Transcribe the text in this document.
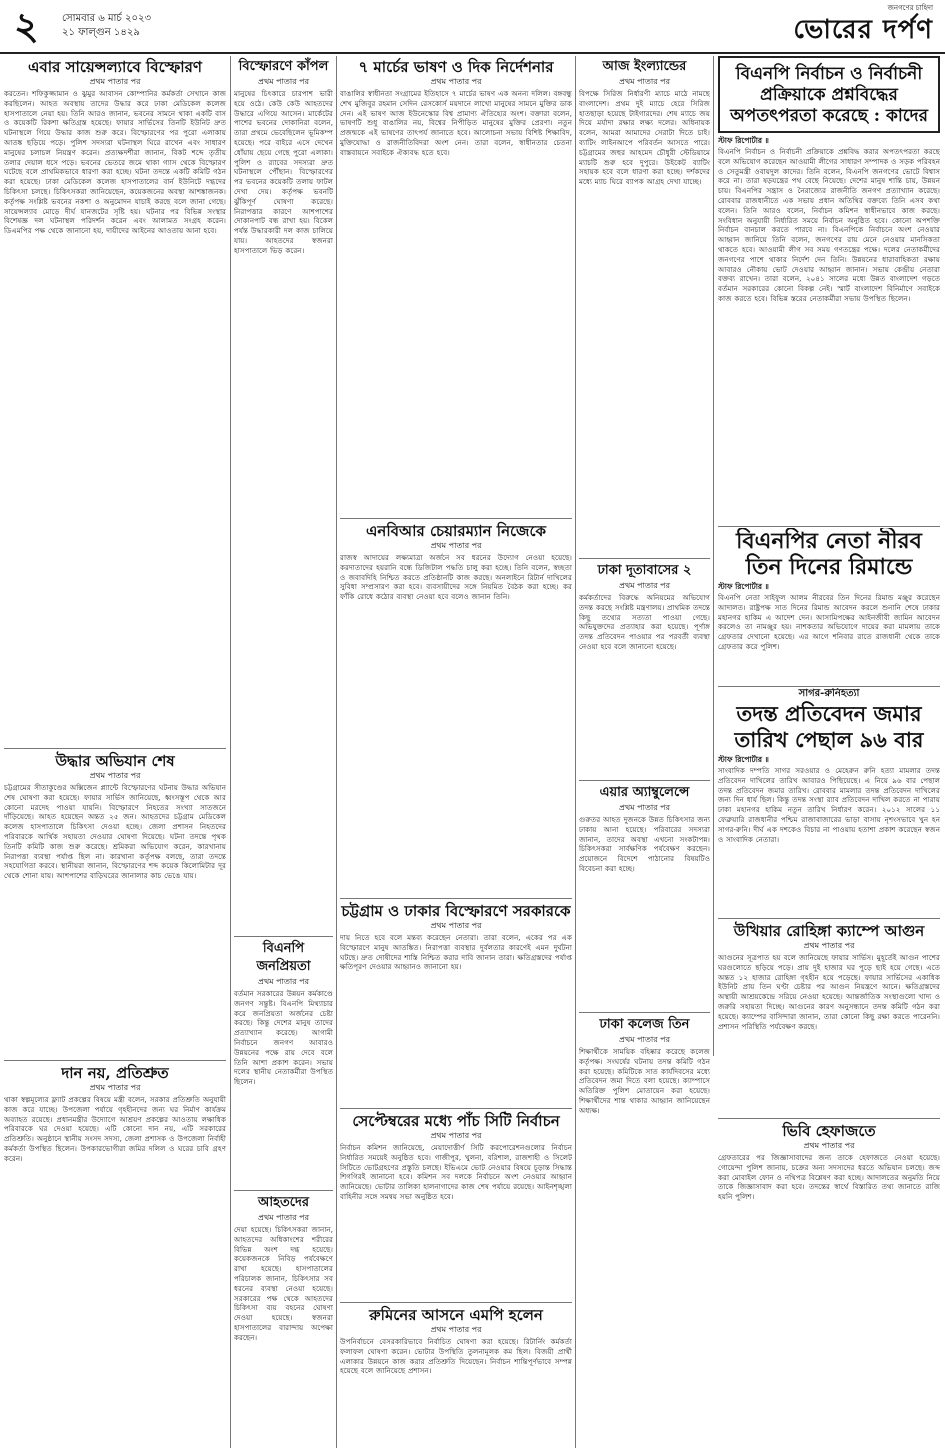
২ সোমবার ৬ মার্চ ২০২৩
২১ ফাল্গুন ১৪২৯
জনগণের চাহিদা
ভোরের দর্পণ
এবার সায়েন্সল্যাবে বিস্ফোরণ
প্রথম পাতার পর

করতেন। শফিকুজ্জামান ও ঝুমুর আবাসন কোম্পানির কর্মকর্তা সেখানে কাজ করছিলেন। আহত অবস্থায় তাদের উদ্ধার করে ঢাকা মেডিকেল কলেজ হাসপাতালে নেয়া হয়। তিনি আরও জানান, ভবনের সামনে থাকা একটি বাস ও কয়েকটি রিকশা ক্ষতিগ্রস্ত হয়েছে। ফায়ার সার্ভিসের তিনটি ইউনিট দ্রুত ঘটনাস্থলে গিয়ে উদ্ধার কাজ শুরু করে। বিস্ফোরণের পর পুরো এলাকায় আতঙ্ক ছড়িয়ে পড়ে। পুলিশ সদস্যরা ঘটনাস্থল ঘিরে রাখেন এবং সাধারণ মানুষের চলাচল নিয়ন্ত্রণ করেন। প্রত্যক্ষদর্শীরা জানান, বিকট শব্দে তৃতীয় তলার দেয়াল ধসে পড়ে। ভবনের ভেতরে জমে থাকা গ্যাস থেকে বিস্ফোরণ ঘটেছে বলে প্রাথমিকভাবে ধারণা করা হচ্ছে। ঘটনা তদন্তে একটি কমিটি গঠন করা হয়েছে। ঢাকা মেডিকেল কলেজ হাসপাতালের বার্ন ইউনিটে দগ্ধদের চিকিৎসা চলছে। চিকিৎসকরা জানিয়েছেন, কয়েকজনের অবস্থা আশঙ্কাজনক। কর্তৃপক্ষ সংশ্লিষ্ট ভবনের নকশা ও অনুমোদন যাচাই করছে বলে জানা গেছে। সায়েন্সল্যাব মোড়ে দীর্ঘ যানজটের সৃষ্টি হয়। ঘটনার পর বিভিন্ন সংস্থার বিশেষজ্ঞ দল ঘটনাস্থল পরিদর্শন করেন এবং আলামত সংগ্রহ করেন। ডিএমপির পক্ষ থেকে জানানো হয়, দায়ীদের আইনের আওতায় আনা হবে।

উদ্ধার অভিযান শেষ
প্রথম পাতার পর

চট্টগ্রামের সীতাকুণ্ডের অক্সিজেন প্ল্যান্টে বিস্ফোরণের ঘটনায় উদ্ধার অভিযান শেষ ঘোষণা করা হয়েছে। ফায়ার সার্ভিস জানিয়েছে, ধ্বংসস্তূপ থেকে আর কোনো মরদেহ পাওয়া যায়নি। বিস্ফোরণে নিহতের সংখ্যা সাতজনে দাঁড়িয়েছে। আহত হয়েছেন অন্তত ২৫ জন। আহতদের চট্টগ্রাম মেডিকেল কলেজ হাসপাতালে চিকিৎসা দেওয়া হচ্ছে। জেলা প্রশাসন নিহতদের পরিবারকে আর্থিক সহায়তা দেওয়ার ঘোষণা দিয়েছে। ঘটনা তদন্তে পৃথক তিনটি কমিটি কাজ শুরু করেছে। শ্রমিকরা অভিযোগ করেন, কারখানায় নিরাপত্তা ব্যবস্থা পর্যাপ্ত ছিল না। কারখানা কর্তৃপক্ষ বলছে, তারা তদন্তে সহযোগিতা করবে। স্থানীয়রা জানান, বিস্ফোরণের শব্দ কয়েক কিলোমিটার দূর থেকে শোনা যায়। আশপাশের বাড়িঘরের জানালার কাচ ভেঙে যায়।

দান নয়, প্রতিশ্রুত
প্রথম পাতার পর

থাকা স্বল্পমূল্যের ফ্ল্যাট প্রকল্পের বিষয়ে মন্ত্রী বলেন, সরকার প্রতিশ্রুতি অনুযায়ী কাজ করে যাচ্ছে। উপজেলা পর্যায়ে গৃহহীনদের জন্য ঘর নির্মাণ কার্যক্রম অব্যাহত রয়েছে। প্রধানমন্ত্রীর উদ্যোগে আশ্রয়ণ প্রকল্পের আওতায় লক্ষাধিক পরিবারকে ঘর দেওয়া হয়েছে। এটি কোনো দান নয়, এটি সরকারের প্রতিশ্রুতি। অনুষ্ঠানে স্থানীয় সংসদ সদস্য, জেলা প্রশাসক ও উপজেলা নির্বাহী কর্মকর্তা উপস্থিত ছিলেন। উপকারভোগীরা জমির দলিল ও ঘরের চাবি গ্রহণ করেন।

বিস্ফোরণে কাঁপল
প্রথম পাতার পর

মানুষের চিৎকারে চারপাশ ভারী হয়ে ওঠে। কেউ কেউ আহতদের উদ্ধারে এগিয়ে আসেন। মার্কেটের পাশের ভবনের দোকানিরা বলেন, তারা প্রথমে ভেবেছিলেন ভূমিকম্প হয়েছে। পরে বাইরে এসে দেখেন ধোঁয়ায় ছেয়ে গেছে পুরো এলাকা। পুলিশ ও র‍্যাবের সদস্যরা দ্রুত ঘটনাস্থলে পৌঁছান। বিস্ফোরণের পর ভবনের কয়েকটি তলায় ফাটল দেখা দেয়। কর্তৃপক্ষ ভবনটি ঝুঁকিপূর্ণ ঘোষণা করেছে। নিরাপত্তার কারণে আশপাশের দোকানপাট বন্ধ রাখা হয়। বিকেল পর্যন্ত উদ্ধারকারী দল কাজ চালিয়ে যায়। আহতদের স্বজনরা হাসপাতালে ভিড় করেন।

বিএনপি জনপ্রিয়তা
প্রথম পাতার পর

বর্তমান সরকারের উন্নয়ন কর্মকাণ্ডে জনগণ সন্তুষ্ট। বিএনপি মিথ্যাচার করে জনপ্রিয়তা অর্জনের চেষ্টা করছে। কিন্তু দেশের মানুষ তাদের প্রত্যাখ্যান করেছে। আগামী নির্বাচনে জনগণ আবারও উন্নয়নের পক্ষে রায় দেবে বলে তিনি আশা প্রকাশ করেন। সভায় দলের স্থানীয় নেতাকর্মীরা উপস্থিত ছিলেন।

আহতদের
প্রথম পাতার পর

দেয়া হয়েছে। চিকিৎসকরা জানান, আহতদের অধিকাংশের শরীরের বিভিন্ন অংশ দগ্ধ হয়েছে। কয়েকজনকে নিবিড় পর্যবেক্ষণে রাখা হয়েছে। হাসপাতালের পরিচালক জানান, চিকিৎসার সব ধরনের ব্যবস্থা নেওয়া হয়েছে। সরকারের পক্ষ থেকে আহতদের চিকিৎসা ব্যয় বহনের ঘোষণা দেওয়া হয়েছে। স্বজনরা হাসপাতালের বারান্দায় অপেক্ষা করছেন।

৭ মার্চের ভাষণ ও দিক নির্দেশনার
প্রথম পাতার পর

বাঙালির স্বাধীনতা সংগ্রামের ইতিহাসে ৭ মার্চের ভাষণ এক অনন্য দলিল। বঙ্গবন্ধু শেখ মুজিবুর রহমান সেদিন রেসকোর্স ময়দানে লাখো মানুষের সামনে মুক্তির ডাক দেন। এই ভাষণ আজ ইউনেস্কোর বিশ্ব প্রামাণ্য ঐতিহ্যের অংশ। বক্তারা বলেন, ভাষণটি শুধু বাঙালির নয়, বিশ্বের নিপীড়িত মানুষের মুক্তির প্রেরণা। নতুন প্রজন্মকে এই ভাষণের তাৎপর্য জানাতে হবে। আলোচনা সভায় বিশিষ্ট শিক্ষাবিদ, মুক্তিযোদ্ধা ও রাজনীতিবিদরা অংশ নেন। তারা বলেন, স্বাধীনতার চেতনা বাস্তবায়নে সবাইকে ঐক্যবদ্ধ হতে হবে।

এনবিআর চেয়ারম্যান নিজেকে
প্রথম পাতার পর

রাজস্ব আদায়ের লক্ষ্যমাত্রা অর্জনে সব ধরনের উদ্যোগ নেওয়া হয়েছে। করদাতাদের হয়রানি বন্ধে ডিজিটাল পদ্ধতি চালু করা হচ্ছে। তিনি বলেন, স্বচ্ছতা ও জবাবদিহি নিশ্চিত করতে প্রতিষ্ঠানটি কাজ করছে। অনলাইনে রিটার্ন দাখিলের সুবিধা সম্প্রসারণ করা হবে। ব্যবসায়ীদের সঙ্গে নিয়মিত বৈঠক করা হচ্ছে। কর ফাঁকি রোধে কঠোর ব্যবস্থা নেওয়া হবে বলেও জানান তিনি।

চট্টগ্রাম ও ঢাকার বিস্ফোরণে সরকারকে
প্রথম পাতার পর

দায় নিতে হবে বলে মন্তব্য করেছেন নেতারা। তারা বলেন, একের পর এক বিস্ফোরণে মানুষ আতঙ্কিত। নিরাপত্তা ব্যবস্থার দুর্বলতার কারণেই এমন দুর্ঘটনা ঘটছে। দ্রুত দোষীদের শাস্তি নিশ্চিত করার দাবি জানান তারা। ক্ষতিগ্রস্তদের পর্যাপ্ত ক্ষতিপূরণ দেওয়ার আহ্বানও জানানো হয়।

সেপ্টেম্বরের মধ্যে পাঁচ সিটি নির্বাচন
প্রথম পাতার পর

নির্বাচন কমিশন জানিয়েছে, মেয়াদোত্তীর্ণ সিটি করপোরেশনগুলোর নির্বাচন নির্ধারিত সময়েই অনুষ্ঠিত হবে। গাজীপুর, খুলনা, বরিশাল, রাজশাহী ও সিলেট সিটিতে ভোটগ্রহণের প্রস্তুতি চলছে। ইভিএমে ভোট নেওয়ার বিষয়ে চূড়ান্ত সিদ্ধান্ত শিগগিরই জানানো হবে। কমিশন সব দলকে নির্বাচনে অংশ নেওয়ার আহ্বান জানিয়েছে। ভোটার তালিকা হালনাগাদের কাজ শেষ পর্যায়ে রয়েছে। আইনশৃঙ্খলা বাহিনীর সঙ্গে সমন্বয় সভা অনুষ্ঠিত হবে।

রুমিনের আসনে এমপি হলেন
প্রথম পাতার পর

উপনির্বাচনে বেসরকারিভাবে নির্বাচিত ঘোষণা করা হয়েছে। রিটার্নিং কর্মকর্তা ফলাফল ঘোষণা করেন। ভোটার উপস্থিতি তুলনামূলক কম ছিল। বিজয়ী প্রার্থী এলাকার উন্নয়নে কাজ করার প্রতিশ্রুতি দিয়েছেন। নির্বাচন শান্তিপূর্ণভাবে সম্পন্ন হয়েছে বলে জানিয়েছে প্রশাসন।

আজ ইংল্যান্ডের
প্রথম পাতার পর

বিপক্ষে সিরিজ নির্ধারণী ম্যাচে মাঠে নামছে বাংলাদেশ। প্রথম দুই ম্যাচে হেরে সিরিজ হাতছাড়া হয়েছে টাইগারদের। শেষ ম্যাচে জয় দিয়ে মর্যাদা রক্ষার লক্ষ্য দলের। অধিনায়ক বলেন, আমরা আমাদের সেরাটা দিতে চাই। ব্যাটিং লাইনআপে পরিবর্তন আসতে পারে। চট্টগ্রামের জহুর আহমেদ চৌধুরী স্টেডিয়ামে ম্যাচটি শুরু হবে দুপুরে। উইকেট ব্যাটিং সহায়ক হবে বলে ধারণা করা হচ্ছে। দর্শকদের মধ্যে ম্যাচ ঘিরে ব্যাপক আগ্রহ দেখা যাচ্ছে।

ঢাকা দূতাবাসের ২
প্রথম পাতার পর

কর্মকর্তাদের বিরুদ্ধে অনিয়মের অভিযোগ তদন্ত করছে সংশ্লিষ্ট মন্ত্রণালয়। প্রাথমিক তদন্তে কিছু তথ্যের সত্যতা পাওয়া গেছে। অভিযুক্তদের প্রত্যাহার করা হয়েছে। পূর্ণাঙ্গ তদন্ত প্রতিবেদন পাওয়ার পর পরবর্তী ব্যবস্থা নেওয়া হবে বলে জানানো হয়েছে।

এয়ার অ্যাম্বুলেন্সে
প্রথম পাতার পর

গুরুতর আহত দুজনকে উন্নত চিকিৎসার জন্য ঢাকায় আনা হয়েছে। পরিবারের সদস্যরা জানান, তাদের অবস্থা এখনো সংকটাপন্ন। চিকিৎসকরা সার্বক্ষণিক পর্যবেক্ষণ করছেন। প্রয়োজনে বিদেশে পাঠানোর বিষয়টিও বিবেচনা করা হচ্ছে।

ঢাকা কলেজ তিন
প্রথম পাতার পর

শিক্ষার্থীকে সাময়িক বহিষ্কার করেছে কলেজ কর্তৃপক্ষ। সংঘর্ষের ঘটনায় তদন্ত কমিটি গঠন করা হয়েছে। কমিটিকে সাত কার্যদিবসের মধ্যে প্রতিবেদন জমা দিতে বলা হয়েছে। ক্যাম্পাসে অতিরিক্ত পুলিশ মোতায়েন করা হয়েছে। শিক্ষার্থীদের শান্ত থাকার আহ্বান জানিয়েছেন অধ্যক্ষ।

বিএনপি নির্বাচন ও নির্বাচনী প্রক্রিয়াকে প্রশ্নবিদ্ধের অপতৎপরতা করেছে : কাদের
স্টাফ রিপোর্টার ॥

বিএনপি নির্বাচন ও নির্বাচনী প্রক্রিয়াকে প্রশ্নবিদ্ধ করার অপতৎপরতা করছে বলে অভিযোগ করেছেন আওয়ামী লীগের সাধারণ সম্পাদক ও সড়ক পরিবহন ও সেতুমন্ত্রী ওবায়দুল কাদের। তিনি বলেন, বিএনপি জনগণের ভোটে বিশ্বাস করে না। তারা ষড়যন্ত্রের পথ বেছে নিয়েছে। দেশের মানুষ শান্তি চায়, উন্নয়ন চায়। বিএনপির সন্ত্রাস ও নৈরাজ্যের রাজনীতি জনগণ প্রত্যাখ্যান করেছে। রোববার রাজধানীতে এক সভায় প্রধান অতিথির বক্তব্যে তিনি এসব কথা বলেন। তিনি আরও বলেন, নির্বাচন কমিশন স্বাধীনভাবে কাজ করছে। সংবিধান অনুযায়ী নির্ধারিত সময়ে নির্বাচন অনুষ্ঠিত হবে। কোনো অপশক্তি নির্বাচন বানচাল করতে পারবে না। বিএনপিকে নির্বাচনে অংশ নেওয়ার আহ্বান জানিয়ে তিনি বলেন, জনগণের রায় মেনে নেওয়ার মানসিকতা থাকতে হবে। আওয়ামী লীগ সব সময় গণতন্ত্রের পক্ষে। দলের নেতাকর্মীদের জনগণের পাশে থাকার নির্দেশ দেন তিনি। উন্নয়নের ধারাবাহিকতা রক্ষায় আবারও নৌকায় ভোট দেওয়ার আহ্বান জানান। সভায় কেন্দ্রীয় নেতারা বক্তব্য রাখেন। তারা বলেন, ২০৪১ সালের মধ্যে উন্নত বাংলাদেশ গড়তে বর্তমান সরকারের কোনো বিকল্প নেই। স্মার্ট বাংলাদেশ বিনির্মাণে সবাইকে কাজ করতে হবে। বিভিন্ন স্তরের নেতাকর্মীরা সভায় উপস্থিত ছিলেন।

বিএনপির নেতা নীরব তিন দিনের রিমান্ডে
স্টাফ রিপোর্টার ॥

বিএনপি নেতা সাইফুল আলম নীরবের তিন দিনের রিমান্ড মঞ্জুর করেছেন আদালত। রাষ্ট্রপক্ষ সাত দিনের রিমান্ড আবেদন করলে শুনানি শেষে ঢাকার মহানগর হাকিম এ আদেশ দেন। আসামিপক্ষের আইনজীবী জামিন আবেদন করলেও তা নামঞ্জুর হয়। নাশকতার অভিযোগে দায়ের করা মামলায় তাকে গ্রেফতার দেখানো হয়েছে। এর আগে শনিবার রাতে রাজধানী থেকে তাকে গ্রেফতার করে পুলিশ।

সাগর-রুনিহত্যা
তদন্ত প্রতিবেদন জমার তারিখ পেছাল ৯৬ বার
স্টাফ রিপোর্টার ॥

সাংবাদিক দম্পতি সাগর সরওয়ার ও মেহেরুন রুনি হত্যা মামলার তদন্ত প্রতিবেদন দাখিলের তারিখ আবারও পিছিয়েছে। এ নিয়ে ৯৬ বার পেছাল তদন্ত প্রতিবেদন জমার তারিখ। রোববার মামলার তদন্ত প্রতিবেদন দাখিলের জন্য দিন ধার্য ছিল। কিন্তু তদন্ত সংস্থা র‍্যাব প্রতিবেদন দাখিল করতে না পারায় ঢাকা মহানগর হাকিম নতুন তারিখ নির্ধারণ করেন। ২০১২ সালের ১১ ফেব্রুয়ারি রাজধানীর পশ্চিম রাজাবাজারের ভাড়া বাসায় নৃশংসভাবে খুন হন সাগর-রুনি। দীর্ঘ এক দশকেও বিচার না পাওয়ায় হতাশা প্রকাশ করেছেন স্বজন ও সাংবাদিক নেতারা।

উখিয়ার রোহিঙ্গা ক্যাম্পে আগুন
প্রথম পাতার পর

আগুনের সূত্রপাত হয় বলে জানিয়েছে ফায়ার সার্ভিস। মুহূর্তেই আগুন পাশের ঘরগুলোতে ছড়িয়ে পড়ে। প্রায় দুই হাজার ঘর পুড়ে ছাই হয়ে গেছে। এতে অন্তত ১২ হাজার রোহিঙ্গা গৃহহীন হয়ে পড়েছে। ফায়ার সার্ভিসের একাধিক ইউনিট প্রায় তিন ঘণ্টা চেষ্টার পর আগুন নিয়ন্ত্রণে আনে। ক্ষতিগ্রস্তদের অস্থায়ী আশ্রয়কেন্দ্রে সরিয়ে নেওয়া হয়েছে। আন্তর্জাতিক সংস্থাগুলো খাদ্য ও জরুরি সহায়তা দিচ্ছে। আগুনের কারণ অনুসন্ধানে তদন্ত কমিটি গঠন করা হয়েছে। ক্যাম্পের বাসিন্দারা জানান, তারা কোনো কিছু রক্ষা করতে পারেননি। প্রশাসন পরিস্থিতি পর্যবেক্ষণ করছে।

ভিবি হেফাজতে
প্রথম পাতার পর

গ্রেফতারের পর জিজ্ঞাসাবাদের জন্য তাকে হেফাজতে নেওয়া হয়েছে। গোয়েন্দা পুলিশ জানায়, চক্রের অন্য সদস্যদের ধরতে অভিযান চলছে। জব্দ করা মোবাইল ফোন ও নথিপত্র বিশ্লেষণ করা হচ্ছে। আদালতের অনুমতি নিয়ে তাকে জিজ্ঞাসাবাদ করা হবে। তদন্তের স্বার্থে বিস্তারিত তথ্য জানাতে রাজি হয়নি পুলিশ।
